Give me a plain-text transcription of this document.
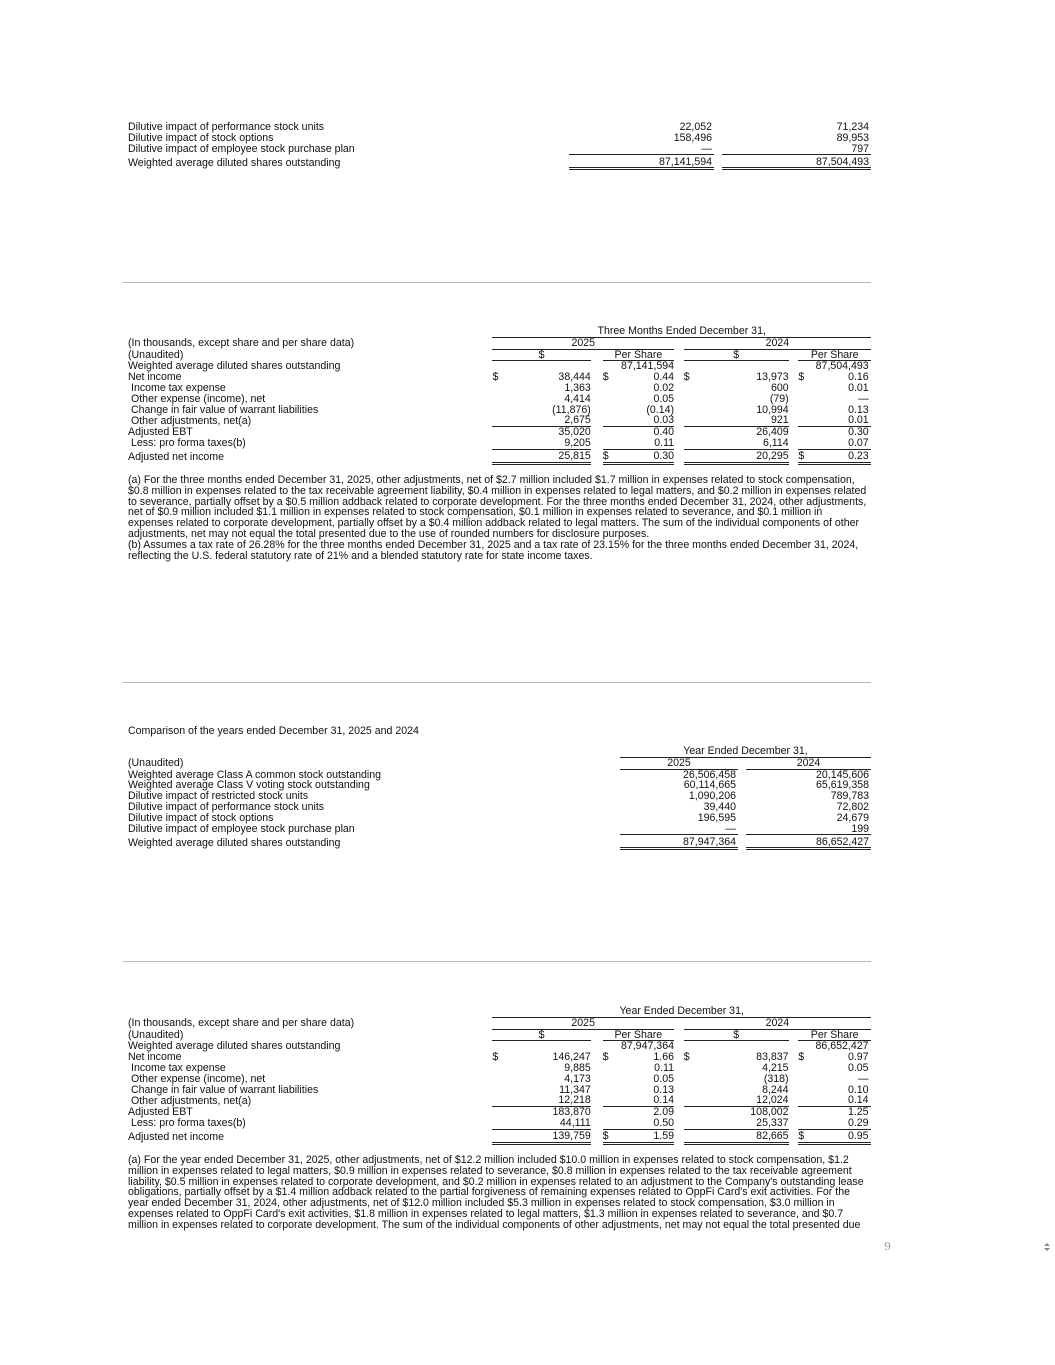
Dilutive impact of performance stock units	22,052		71,234
Dilutive impact of stock options	158,496		89,953
Dilutive impact of employee stock purchase plan	—		797
Weighted average diluted shares outstanding	87,141,594		87,504,493
	Three Months Ended December 31,											
(In thousands, except share and per share data)	2025						2024					
(Unaudited)	$			Per Share			$			Per Share		
Weighted average diluted shares outstanding					87,141,594						87,504,493	
Net income	$	38,444		$	0.44		$	13,973		$	0.16	
Income tax expense		1,363			0.02			600			0.01	
Other expense (income), net		4,414			0.05			(79)			—	
Change in fair value of warrant liabilities		(11,876)			(0.14)			10,994			0.13	
Other adjustments, net(a)		2,675			0.03			921			0.01	
Adjusted EBT		35,020			0.40			26,409			0.30	
Less: pro forma taxes(b)		9,205			0.11			6,114			0.07	
Adjusted net income		25,815		$	0.30			20,295		$	0.23	
(a) For the three months ended December 31, 2025, other adjustments, net of $2.7 million included $1.7 million in expenses related to stock compensation, $0.8 million in expenses related to the tax receivable agreement liability, $0.4 million in expenses related to legal matters, and $0.2 million in expenses related to severance, partially offset by a $0.5 million addback related to corporate development. For the three months ended December 31, 2024, other adjustments, net of $0.9 million included $1.1 million in expenses related to stock compensation, $0.1 million in expenses related to severance, and $0.1 million in expenses related to corporate development, partially offset by a $0.4 million addback related to legal matters. The sum of the individual components of other adjustments, net may not equal the total presented due to the use of rounded numbers for disclosure purposes.
(b) Assumes a tax rate of 26.28% for the three months ended December 31, 2025 and a tax rate of 23.15% for the three months ended December 31, 2024, reflecting the U.S. federal statutory rate of 21% and a blended statutory rate for state income taxes.
Comparison of the years ended December 31, 2025 and 2024
	Year Ended December 31,		
(Unaudited)	2025		2024
Weighted average Class A common stock outstanding	26,506,458		20,145,606
Weighted average Class V voting stock outstanding	60,114,665		65,619,358
Dilutive impact of restricted stock units	1,090,206		789,783
Dilutive impact of performance stock units	39,440		72,802
Dilutive impact of stock options	196,595		24,679
Dilutive impact of employee stock purchase plan	—		199
Weighted average diluted shares outstanding	87,947,364		86,652,427
	Year Ended December 31,											
(In thousands, except share and per share data)	2025						2024					
(Unaudited)	$			Per Share			$			Per Share		
Weighted average diluted shares outstanding					87,947,364						86,652,427	
Net income	$	146,247		$	1.66		$	83,837		$	0.97	
Income tax expense		9,885			0.11			4,215			0.05	
Other expense (income), net		4,173			0.05			(318)			—	
Change in fair value of warrant liabilities		11,347			0.13			8,244			0.10	
Other adjustments, net(a)		12,218			0.14			12,024			0.14	
Adjusted EBT		183,870			2.09			108,002			1.25	
Less: pro forma taxes(b)		44,111			0.50			25,337			0.29	
Adjusted net income		139,759		$	1.59			82,665		$	0.95	
(a) For the year ended December 31, 2025, other adjustments, net of $12.2 million included $10.0 million in expenses related to stock compensation, $1.2 million in expenses related to legal matters, $0.9 million in expenses related to severance, $0.8 million in expenses related to the tax receivable agreement liability, $0.5 million in expenses related to corporate development, and $0.2 million in expenses related to an adjustment to the Company's outstanding lease obligations, partially offset by a $1.4 million addback related to the partial forgiveness of remaining expenses related to OppFi Card's exit activities. For the year ended December 31, 2024, other adjustments, net of $12.0 million included $5.3 million in expenses related to stock compensation, $3.0 million in expenses related to OppFi Card's exit activities, $1.8 million in expenses related to legal matters, $1.3 million in expenses related to severance, and $0.7 million in expenses related to corporate development. The sum of the individual components of other adjustments, net may not equal the total presented due
9
